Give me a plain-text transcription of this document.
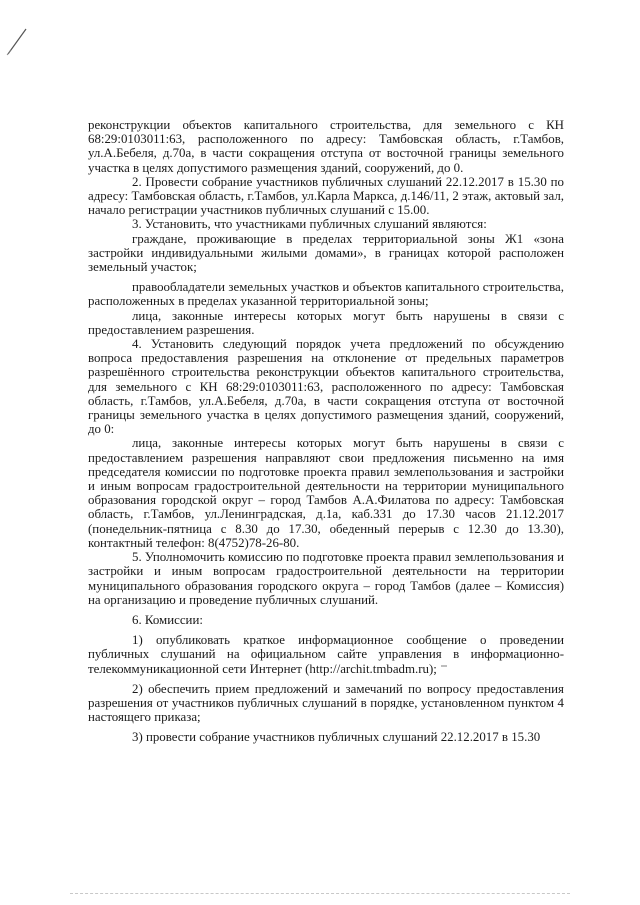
реконструкции объектов капитального строительства, для земельного с КН 68:29:0103011:63, расположенного по адресу: Тамбовская область, г.Тамбов, ул.А.Бебеля, д.70а, в части сокращения отступа от восточной границы земельного участка в целях допустимого размещения зданий, сооружений, до 0.

2. Провести собрание участников публичных слушаний 22.12.2017 в 15.30 по адресу: Тамбовская область, г.Тамбов, ул.Карла Маркса, д.146/11, 2 этаж, актовый зал, начало регистрации участников публичных слушаний с 15.00.

3. Установить, что участниками публичных слушаний являются:

граждане, проживающие в пределах территориальной зоны Ж1 «зона застройки индивидуальными жилыми домами», в границах которой расположен земельный участок;

правообладатели земельных участков и объектов капитального строительства, расположенных в пределах указанной территориальной зоны;

лица, законные интересы которых могут быть нарушены в связи с предоставлением разрешения.

4. Установить следующий порядок учета предложений по обсуждению вопроса предоставления разрешения на отклонение от предельных параметров разрешённого строительства реконструкции объектов капитального строительства, для земельного с КН 68:29:0103011:63, расположенного по адресу: Тамбовская область, г.Тамбов, ул.А.Бебеля, д.70а, в части сокращения отступа от восточной границы земельного участка в целях допустимого размещения зданий, сооружений, до 0:

лица, законные интересы которых могут быть нарушены в связи с предоставлением разрешения направляют свои предложения письменно на имя председателя комиссии по подготовке проекта правил землепользования и застройки и иным вопросам градостроительной деятельности на территории муниципального образования городской округ – город Тамбов А.А.Филатова по адресу: Тамбовская область, г.Тамбов, ул.Ленинградская, д.1а, каб.331 до 17.30 часов 21.12.2017 (понедельник-пятница с 8.30 до 17.30, обеденный перерыв с 12.30 до 13.30), контактный телефон: 8(4752)78-26-80.

5. Уполномочить комиссию по подготовке проекта правил землепользования и застройки и иным вопросам градостроительной деятельности на территории муниципального образования городского округа – город Тамбов (далее – Комиссия) на организацию и проведение публичных слушаний.

6. Комиссии:

1) опубликовать краткое информационное сообщение о проведении публичных слушаний на официальном сайте управления в информационно-телекоммуникационной сети Интернет (http://archit.tmbadm.ru);

2) обеспечить прием предложений и замечаний по вопросу предоставления разрешения от участников публичных слушаний в порядке, установленном пунктом 4 настоящего приказа;

3) провести собрание участников публичных слушаний 22.12.2017 в 15.30
